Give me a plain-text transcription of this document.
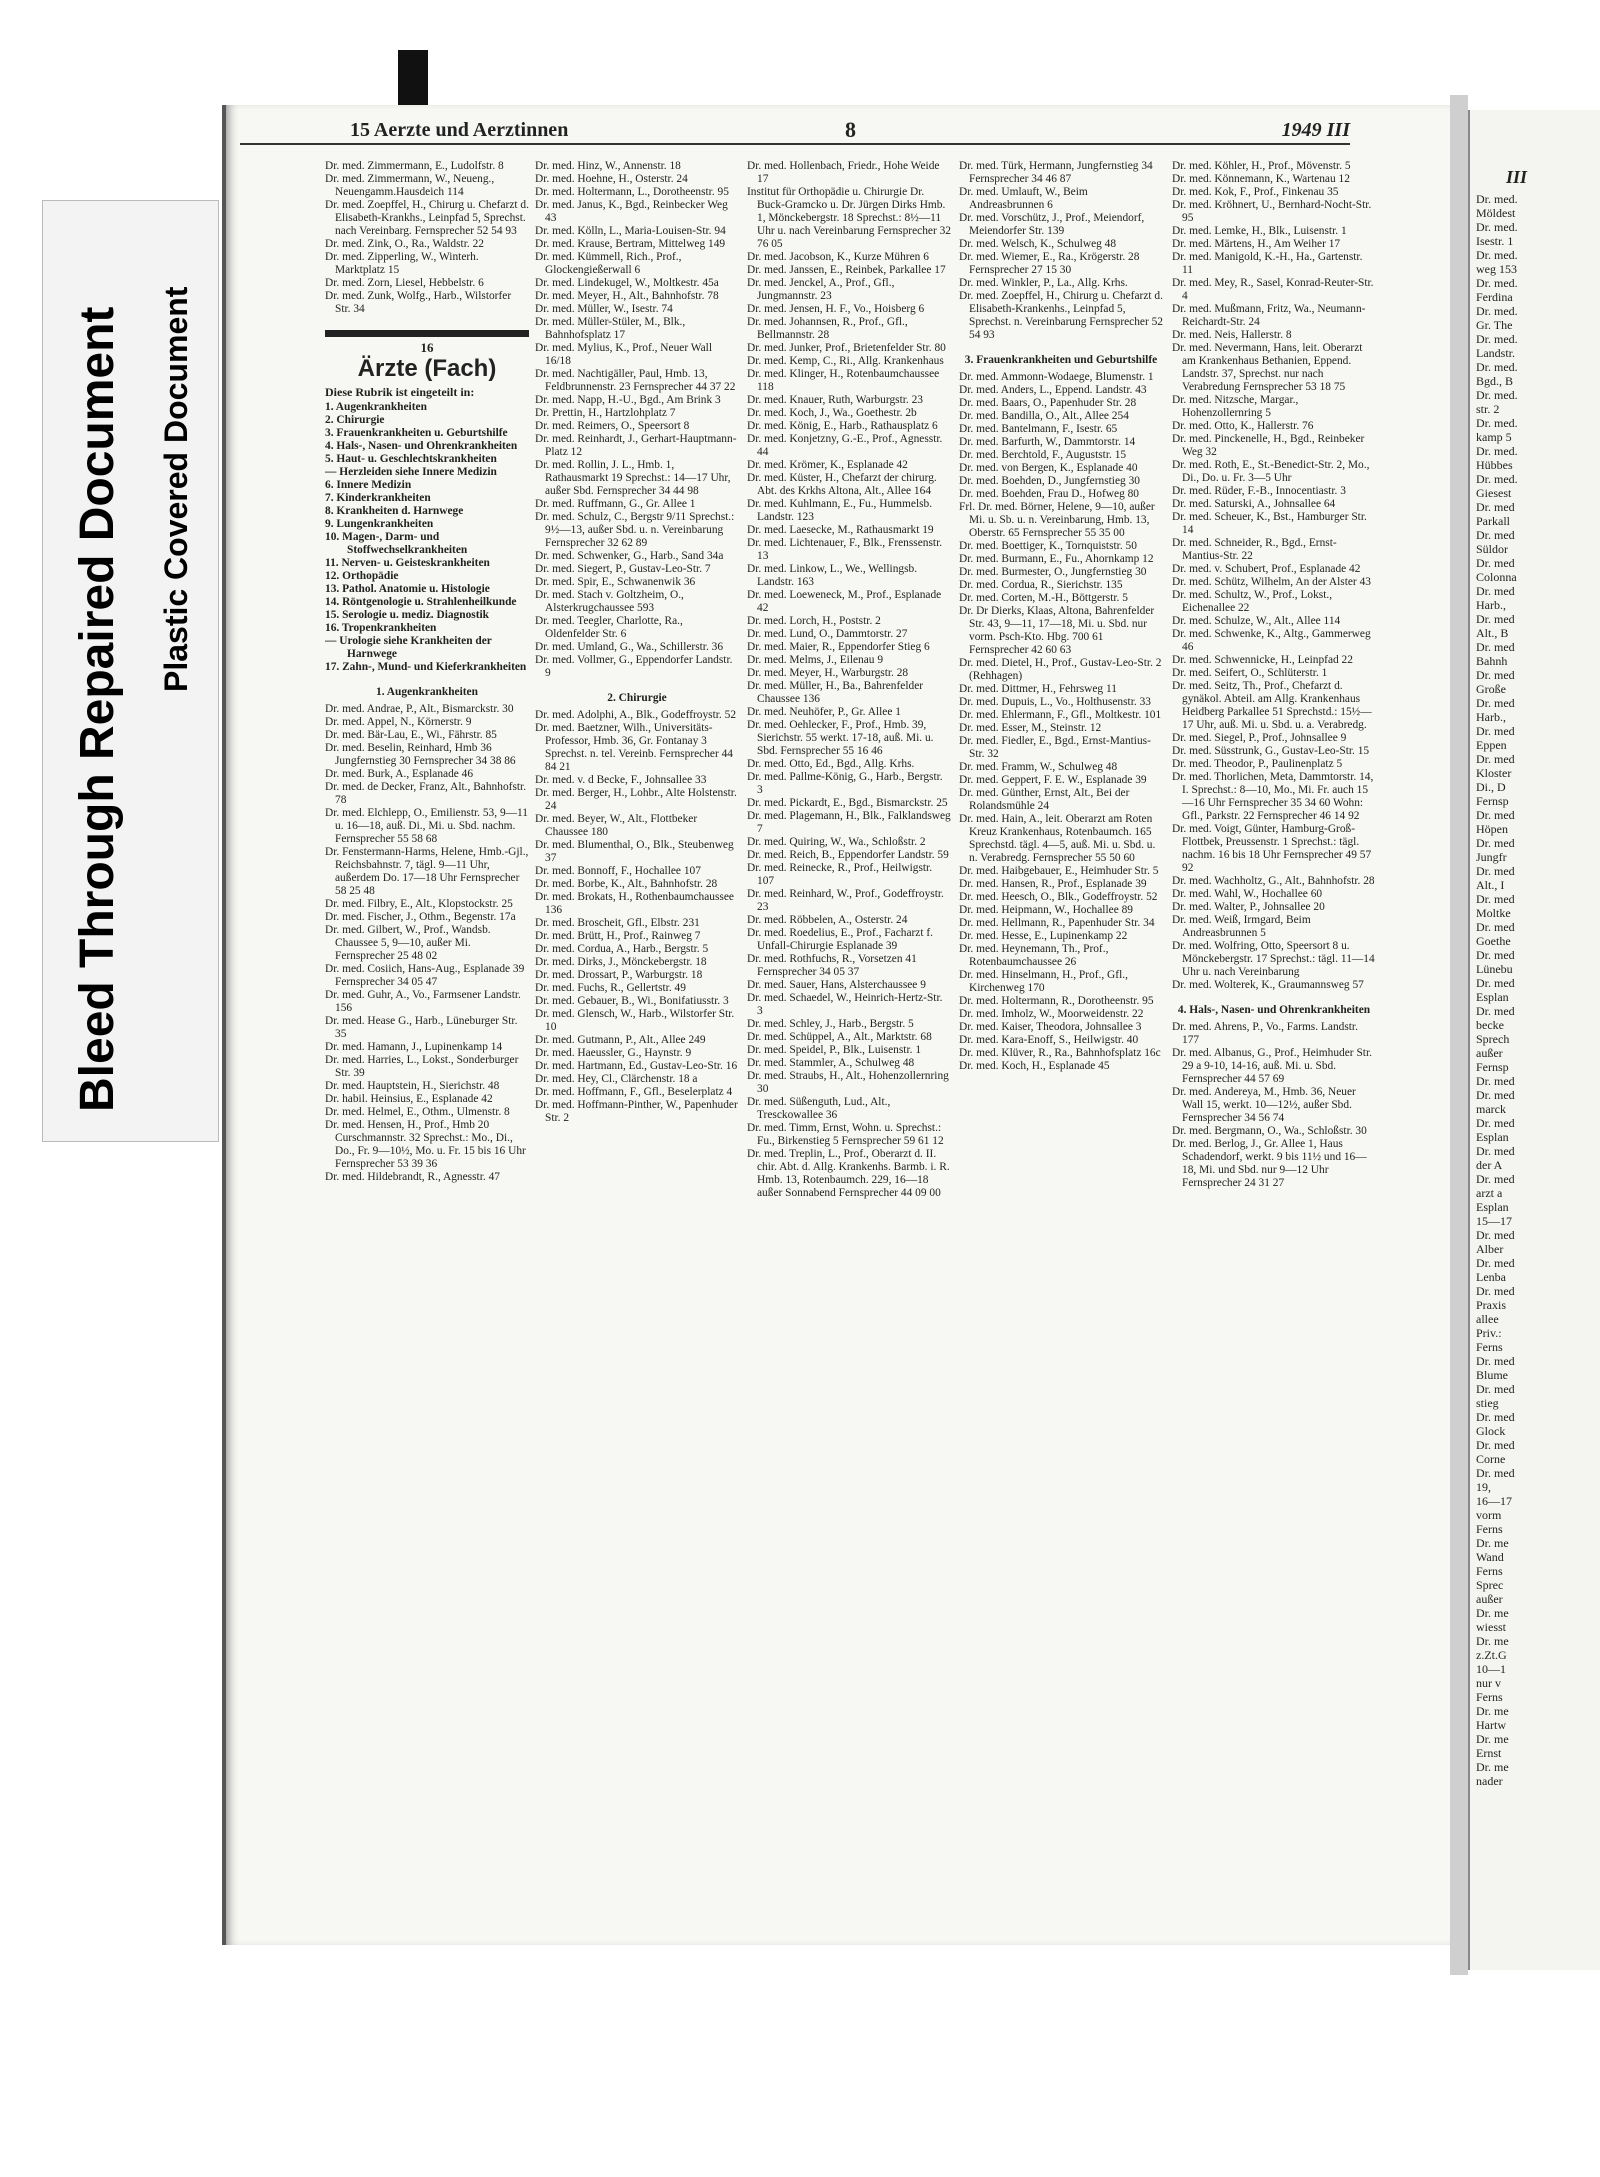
Bleed Through Repaired Document Plastic Covered Document
III
Dr. med.
Möldest
Dr. med.
Isestr. 1
Dr. med.
weg 153
Dr. med.
Ferdina
Dr. med.
Gr. The
Dr. med.
Landstr.
Dr. med.
Bgd., B
Dr. med.
str. 2
Dr. med.
kamp 5
Dr. med.
Hübbes
Dr. med.
Giesest
Dr. med
Parkall
Dr. med
Süldor
Dr. med
Colonna
Dr. med
Harb.,
Dr. med
Alt., B
Dr. med
Bahnh
Dr. med
Große
Dr. med
Harb.,
Dr. med
Eppen
Dr. med
Kloster
Di., D
Fernsp
Dr. med
Höpen
Dr. med
Jungfr
Dr. med
Alt., I
Dr. med
Moltke
Dr. med
Goethe
Dr. med
Lünebu
Dr. med
Esplan
Dr. med
becke
Sprech
außer
Fernsp
Dr. med
Dr. med
marck
Dr. med
Esplan
Dr. med
der A
Dr. med
arzt a
Esplan
15—17
Dr. med
Alber
Dr. med
Lenba
Dr. med
Praxis
allee
Priv.:
Ferns
Dr. med
Blume
Dr. med
stieg
Dr. med
Glock
Dr. med
Corne
Dr. med
19,
16—17
vorm
Ferns
Dr. me
Wand
Ferns
Sprec
außer
Dr. me
wiesst
Dr. me
z.Zt.G
10—1
nur v
Ferns
Dr. me
Hartw
Dr. me
Ernst
Dr. me
nader
15 Aerzte und Aerztinnen	8	1949 III

Dr. med. Zimmermann, E., Ludolfstr. 8

Dr. med. Zimmermann, W., Neueng., Neuengamm.Hausdeich 114

Dr. med. Zoepffel, H., Chirurg u. Chefarzt d. Elisabeth-Krankhs., Leinpfad 5, Sprechst. nach Vereinbarg. Fernsprecher 52 54 93

Dr. med. Zink, O., Ra., Waldstr. 22

Dr. med. Zipperling, W., Winterh. Marktplatz 15

Dr. med. Zorn, Liesel, Hebbelstr. 6

Dr. med. Zunk, Wolfg., Harb., Wilstorfer Str. 34

16
Ärzte (Fach)
Diese Rubrik ist eingeteilt in:

1. Augenkrankheiten

2. Chirurgie

3. Frauenkrankheiten u. Geburtshilfe

4. Hals-, Nasen- und Ohrenkrankheiten

5. Haut- u. Geschlechtskrankheiten

— Herzleiden siehe Innere Medizin

6. Innere Medizin

7. Kinderkrankheiten

8. Krankheiten d. Harnwege

9. Lungenkrankheiten

10. Magen-, Darm- und Stoffwechselkrankheiten

11. Nerven- u. Geisteskrankheiten

12. Orthopädie

13. Pathol. Anatomie u. Histologie

14. Röntgenologie u. Strahlenheilkunde

15. Serologie u. mediz. Diagnostik

16. Tropenkrankheiten

— Urologie siehe Krankheiten der Harnwege

17. Zahn-, Mund- und Kieferkrankheiten

1. Augenkrankheiten

Dr. med. Andrae, P., Alt., Bismarckstr. 30

Dr. med. Appel, N., Körnerstr. 9

Dr. med. Bär-Lau, E., Wi., Fährstr. 85

Dr. med. Beselin, Reinhard, Hmb 36 Jungfernstieg 30 Fernsprecher 34 38 86

Dr. med. Burk, A., Esplanade 46

Dr. med. de Decker, Franz, Alt., Bahnhofstr. 78

Dr. med. Elchlepp, O., Emilienstr. 53, 9—11 u. 16—18, auß. Di., Mi. u. Sbd. nachm. Fernsprecher 55 58 68

Dr. Fenstermann-Harms, Helene, Hmb.-Gjl., Reichsbahnstr. 7, tägl. 9—11 Uhr, außerdem Do. 17—18 Uhr Fernsprecher 58 25 48

Dr. med. Filbry, E., Alt., Klopstockstr. 25

Dr. med. Fischer, J., Othm., Begenstr. 17a

Dr. med. Gilbert, W., Prof., Wandsb. Chaussee 5, 9—10, außer Mi. Fernsprecher 25 48 02

Dr. med. Cosiich, Hans-Aug., Esplanade 39 Fernsprecher 34 05 47

Dr. med. Guhr, A., Vo., Farmsener Landstr. 156

Dr. med. Hease G., Harb., Lüneburger Str. 35

Dr. med. Hamann, J., Lupinenkamp 14

Dr. med. Harries, L., Lokst., Sonderburger Str. 39

Dr. med. Hauptstein, H., Sierichstr. 48

Dr. habil. Heinsius, E., Esplanade 42

Dr. med. Helmel, E., Othm., Ulmenstr. 8

Dr. med. Hensen, H., Prof., Hmb 20 Curschmannstr. 32 Sprechst.: Mo., Di., Do., Fr. 9—10½, Mo. u. Fr. 15 bis 16 Uhr Fernsprecher 53 39 36

Dr. med. Hildebrandt, R., Agnesstr. 47

Dr. med. Hinz, W., Annenstr. 18

Dr. med. Hoehne, H., Osterstr. 24

Dr. med. Holtermann, L., Dorotheenstr. 95

Dr. med. Janus, K., Bgd., Reinbecker Weg 43

Dr. med. Kölln, L., Maria-Louisen-Str. 94

Dr. med. Krause, Bertram, Mittelweg 149

Dr. med. Kümmell, Rich., Prof., Glockengießerwall 6

Dr. med. Lindekugel, W., Moltkestr. 45a

Dr. med. Meyer, H., Alt., Bahnhofstr. 78

Dr. med. Müller, W., Isestr. 74

Dr. med. Müller-Stüler, M., Blk., Bahnhofsplatz 17

Dr. med. Mylius, K., Prof., Neuer Wall 16/18

Dr. med. Nachtigäller, Paul, Hmb. 13, Feldbrunnenstr. 23 Fernsprecher 44 37 22

Dr. med. Napp, H.-U., Bgd., Am Brink 3

Dr. Prettin, H., Hartzlohplatz 7

Dr. med. Reimers, O., Speersort 8

Dr. med. Reinhardt, J., Gerhart-Hauptmann-Platz 12

Dr. med. Rollin, J. L., Hmb. 1, Rathausmarkt 19 Sprechst.: 14—17 Uhr, außer Sbd. Fernsprecher 34 44 98

Dr. med. Ruffmann, G., Gr. Allee 1

Dr. med. Schulz, C., Bergstr 9/11 Sprechst.: 9½—13, außer Sbd. u. n. Vereinbarung Fernsprecher 32 62 89

Dr. med. Schwenker, G., Harb., Sand 34a

Dr. med. Siegert, P., Gustav-Leo-Str. 7

Dr. med. Spir, E., Schwanenwik 36

Dr. med. Stach v. Goltzheim, O., Alsterkrugchaussee 593

Dr. med. Teegler, Charlotte, Ra., Oldenfelder Str. 6

Dr. med. Umland, G., Wa., Schillerstr. 36

Dr. med. Vollmer, G., Eppendorfer Landstr. 9

2. Chirurgie

Dr. med. Adolphi, A., Blk., Godeffroystr. 52

Dr. med. Baetzner, Wilh., Universitäts-Professor, Hmb. 36, Gr. Fontanay 3 Sprechst. n. tel. Vereinb. Fernsprecher 44 84 21

Dr. med. v. d Becke, F., Johnsallee 33

Dr. med. Berger, H., Lohbr., Alte Holstenstr. 24

Dr. med. Beyer, W., Alt., Flottbeker Chaussee 180

Dr. med. Blumenthal, O., Blk., Steubenweg 37

Dr. med. Bonnoff, F., Hochallee 107

Dr. med. Borbe, K., Alt., Bahnhofstr. 28

Dr. med. Brokats, H., Rothenbaumchaussee 136

Dr. med. Broscheit, Gfl., Elbstr. 231

Dr. med. Brütt, H., Prof., Rainweg 7

Dr. med. Cordua, A., Harb., Bergstr. 5

Dr. med. Dirks, J., Mönckebergstr. 18

Dr. med. Drossart, P., Warburgstr. 18

Dr. med. Fuchs, R., Gellertstr. 49

Dr. med. Gebauer, B., Wi., Bonifatiusstr. 3

Dr. med. Glensch, W., Harb., Wilstorfer Str. 10

Dr. med. Gutmann, P., Alt., Allee 249

Dr. med. Haeussler, G., Haynstr. 9

Dr. med. Hartmann, Ed., Gustav-Leo-Str. 16

Dr. med. Hey, Cl., Clärchenstr. 18 a

Dr. med. Hoffmann, F., Gfl., Beselerplatz 4

Dr. med. Hoffmann-Pinther, W., Papenhuder Str. 2

Dr. med. Hollenbach, Friedr., Hohe Weide 17

Institut für Orthopädie u. Chirurgie Dr. Buck-Gramcko u. Dr. Jürgen Dirks Hmb. 1, Mönckebergstr. 18 Sprechst.: 8½—11 Uhr u. nach Vereinbarung Fernsprecher 32 76 05

Dr. med. Jacobson, K., Kurze Mühren 6

Dr. med. Janssen, E., Reinbek, Parkallee 17

Dr. med. Jenckel, A., Prof., Gfl., Jungmannstr. 23

Dr. med. Jensen, H. F., Vo., Hoisberg 6

Dr. med. Johannsen, R., Prof., Gfl., Bellmannstr. 28

Dr. med. Junker, Prof., Brietenfelder Str. 80

Dr. med. Kemp, C., Ri., Allg. Krankenhaus

Dr. med. Klinger, H., Rotenbaumchaussee 118

Dr. med. Knauer, Ruth, Warburgstr. 23

Dr. med. Koch, J., Wa., Goethestr. 2b

Dr. med. König, E., Harb., Rathausplatz 6

Dr. med. Konjetzny, G.-E., Prof., Agnesstr. 44

Dr. med. Krömer, K., Esplanade 42

Dr. med. Küster, H., Chefarzt der chirurg. Abt. des Krkhs Altona, Alt., Allee 164

Dr. med. Kuhlmann, E., Fu., Hummelsb. Landstr. 123

Dr. med. Laesecke, M., Rathausmarkt 19

Dr. med. Lichtenauer, F., Blk., Frenssenstr. 13

Dr. med. Linkow, L., We., Wellingsb. Landstr. 163

Dr. med. Loeweneck, M., Prof., Esplanade 42

Dr. med. Lorch, H., Poststr. 2

Dr. med. Lund, O., Dammtorstr. 27

Dr. med. Maier, R., Eppendorfer Stieg 6

Dr. med. Melms, J., Eilenau 9

Dr. med. Meyer, H., Warburgstr. 28

Dr. med. Müller, H., Ba., Bahrenfelder Chaussee 136

Dr. med. Neuhöfer, P., Gr. Allee 1

Dr. med. Oehlecker, F., Prof., Hmb. 39, Sierichstr. 55 werkt. 17-18, auß. Mi. u. Sbd. Fernsprecher 55 16 46

Dr. med. Otto, Ed., Bgd., Allg. Krhs.

Dr. med. Pallme-König, G., Harb., Bergstr. 3

Dr. med. Pickardt, E., Bgd., Bismarckstr. 25

Dr. med. Plagemann, H., Blk., Falklandsweg 7

Dr. med. Quiring, W., Wa., Schloßstr. 2

Dr. med. Reich, B., Eppendorfer Landstr. 59

Dr. med. Reinecke, R., Prof., Heilwigstr. 107

Dr. med. Reinhard, W., Prof., Godeffroystr. 23

Dr. med. Röbbelen, A., Osterstr. 24

Dr. med. Roedelius, E., Prof., Facharzt f. Unfall-Chirurgie Esplanade 39

Dr. med. Rothfuchs, R., Vorsetzen 41 Fernsprecher 34 05 37

Dr. med. Sauer, Hans, Alsterchaussee 9

Dr. med. Schaedel, W., Heinrich-Hertz-Str. 3

Dr. med. Schley, J., Harb., Bergstr. 5

Dr. med. Schüppel, A., Alt., Marktstr. 68

Dr. med. Speidel, P., Blk., Luisenstr. 1

Dr. med. Stammler, A., Schulweg 48

Dr. med. Straubs, H., Alt., Hohenzollernring 30

Dr. med. Süßenguth, Lud., Alt., Tresckowallee 36

Dr. med. Timm, Ernst, Wohn. u. Sprechst.: Fu., Birkenstieg 5 Fernsprecher 59 61 12

Dr. med. Treplin, L., Prof., Oberarzt d. II. chir. Abt. d. Allg. Krankenhs. Barmb. i. R. Hmb. 13, Rotenbaumch. 229, 16—18 außer Sonnabend Fernsprecher 44 09 00

Dr. med. Türk, Hermann, Jungfernstieg 34 Fernsprecher 34 46 87

Dr. med. Umlauft, W., Beim Andreasbrunnen 6

Dr. med. Vorschütz, J., Prof., Meiendorf, Meiendorfer Str. 139

Dr. med. Welsch, K., Schulweg 48

Dr. med. Wiemer, E., Ra., Krögerstr. 28 Fernsprecher 27 15 30

Dr. med. Winkler, P., La., Allg. Krhs.

Dr. med. Zoepffel, H., Chirurg u. Chefarzt d. Elisabeth-Krankenhs., Leinpfad 5, Sprechst. n. Vereinbarung Fernsprecher 52 54 93

3. Frauenkrankheiten und Geburtshilfe

Dr. med. Ammonn-Wodaege, Blumenstr. 1

Dr. med. Anders, L., Eppend. Landstr. 43

Dr. med. Baars, O., Papenhuder Str. 28

Dr. med. Bandilla, O., Alt., Allee 254

Dr. med. Bantelmann, F., Isestr. 65

Dr. med. Barfurth, W., Dammtorstr. 14

Dr. med. Berchtold, F., Auguststr. 15

Dr. med. von Bergen, K., Esplanade 40

Dr. med. Boehden, D., Jungfernstieg 30

Dr. med. Boehden, Frau D., Hofweg 80

Frl. Dr. med. Börner, Helene, 9—10, außer Mi. u. Sb. u. n. Vereinbarung, Hmb. 13, Oberstr. 65 Fernsprecher 55 35 00

Dr. med. Boettiger, K., Tornquiststr. 50

Dr. med. Burmann, E., Fu., Ahornkamp 12

Dr. med. Burmester, O., Jungfernstieg 30

Dr. med. Cordua, R., Sierichstr. 135

Dr. med. Corten, M.-H., Böttgerstr. 5

Dr. Dr Dierks, Klaas, Altona, Bahrenfelder Str. 43, 9—11, 17—18, Mi. u. Sbd. nur vorm. Psch-Kto. Hbg. 700 61 Fernsprecher 42 60 63

Dr. med. Dietel, H., Prof., Gustav-Leo-Str. 2 (Rehhagen)

Dr. med. Dittmer, H., Fehrsweg 11

Dr. med. Dupuis, L., Vo., Holthusenstr. 33

Dr. med. Ehlermann, F., Gfl., Moltkestr. 101

Dr. med. Esser, M., Steinstr. 12

Dr. med. Fiedler, E., Bgd., Ernst-Mantius-Str. 32

Dr. med. Framm, W., Schulweg 48

Dr. med. Geppert, F. E. W., Esplanade 39

Dr. med. Günther, Ernst, Alt., Bei der Rolandsmühle 24

Dr. med. Hain, A., leit. Oberarzt am Roten Kreuz Krankenhaus, Rotenbaumch. 165 Sprechstd. tägl. 4—5, auß. Mi. u. Sbd. u. n. Verabredg. Fernsprecher 55 50 60

Dr. med. Haibgebauer, E., Heimhuder Str. 5

Dr. med. Hansen, R., Prof., Esplanade 39

Dr. med. Heesch, O., Blk., Godeffroystr. 52

Dr. med. Heipmann, W., Hochallee 89

Dr. med. Hellmann, R., Papenhuder Str. 34

Dr. med. Hesse, E., Lupinenkamp 22

Dr. med. Heynemann, Th., Prof., Rotenbaumchaussee 26

Dr. med. Hinselmann, H., Prof., Gfl., Kirchenweg 170

Dr. med. Holtermann, R., Dorotheenstr. 95

Dr. med. Imholz, W., Moorweidenstr. 22

Dr. med. Kaiser, Theodora, Johnsallee 3

Dr. med. Kara-Enoff, S., Heilwigstr. 40

Dr. med. Klüver, R., Ra., Bahnhofsplatz 16c

Dr. med. Koch, H., Esplanade 45

Dr. med. Köhler, H., Prof., Mövenstr. 5

Dr. med. Könnemann, K., Wartenau 12

Dr. med. Kok, F., Prof., Finkenau 35

Dr. med. Kröhnert, U., Bernhard-Nocht-Str. 95

Dr. med. Lemke, H., Blk., Luisenstr. 1

Dr. med. Märtens, H., Am Weiher 17

Dr. med. Manigold, K.-H., Ha., Gartenstr. 11

Dr. med. Mey, R., Sasel, Konrad-Reuter-Str. 4

Dr. med. Mußmann, Fritz, Wa., Neumann-Reichardt-Str. 24

Dr. med. Neis, Hallerstr. 8

Dr. med. Nevermann, Hans, leit. Oberarzt am Krankenhaus Bethanien, Eppend. Landstr. 37, Sprechst. nur nach Verabredung Fernsprecher 53 18 75

Dr. med. Nitzsche, Margar., Hohenzollernring 5

Dr. med. Otto, K., Hallerstr. 76

Dr. med. Pinckenelle, H., Bgd., Reinbeker Weg 32

Dr. med. Roth, E., St.-Benedict-Str. 2, Mo., Di., Do. u. Fr. 3—5 Uhr

Dr. med. Rüder, F.-B., Innocentiastr. 3

Dr. med. Saturski, A., Johnsallee 64

Dr. med. Scheuer, K., Bst., Hamburger Str. 14

Dr. med. Schneider, R., Bgd., Ernst-Mantius-Str. 22

Dr. med. v. Schubert, Prof., Esplanade 42

Dr. med. Schütz, Wilhelm, An der Alster 43

Dr. med. Schultz, W., Prof., Lokst., Eichenallee 22

Dr. med. Schulze, W., Alt., Allee 114

Dr. med. Schwenke, K., Altg., Gammerweg 46

Dr. med. Schwennicke, H., Leinpfad 22

Dr. med. Seifert, O., Schlüterstr. 1

Dr. med. Seitz, Th., Prof., Chefarzt d. gynäkol. Abteil. am Allg. Krankenhaus Heidberg Parkallee 51 Sprechstd.: 15½—17 Uhr, auß. Mi. u. Sbd. u. a. Verabredg.

Dr. med. Siegel, P., Prof., Johnsallee 9

Dr. med. Süsstrunk, G., Gustav-Leo-Str. 15

Dr. med. Theodor, P., Paulinenplatz 5

Dr. med. Thorlichen, Meta, Dammtorstr. 14, I. Sprechst.: 8—10, Mo., Mi. Fr. auch 15—16 Uhr Fernsprecher 35 34 60 Wohn: Gfl., Parkstr. 22 Fernsprecher 46 14 92

Dr. med. Voigt, Günter, Hamburg-Groß-Flottbek, Preussenstr. 1 Sprechst.: tägl. nachm. 16 bis 18 Uhr Fernsprecher 49 57 92

Dr. med. Wachholtz, G., Alt., Bahnhofstr. 28

Dr. med. Wahl, W., Hochallee 60

Dr. med. Walter, P., Johnsallee 20

Dr. med. Weiß, Irmgard, Beim Andreasbrunnen 5

Dr. med. Wolfring, Otto, Speersort 8 u. Mönckebergstr. 17 Sprechst.: tägl. 11—14 Uhr u. nach Vereinbarung

Dr. med. Wolterek, K., Graumannsweg 57

4. Hals-, Nasen- und Ohrenkrankheiten

Dr. med. Ahrens, P., Vo., Farms. Landstr. 177

Dr. med. Albanus, G., Prof., Heimhuder Str. 29 a 9-10, 14-16, auß. Mi. u. Sbd. Fernsprecher 44 57 69

Dr. med. Andereya, M., Hmb. 36, Neuer Wall 15, werkt. 10—12½, außer Sbd. Fernsprecher 34 56 74

Dr. med. Bergmann, O., Wa., Schloßstr. 30

Dr. med. Berlog, J., Gr. Allee 1, Haus Schadendorf, werkt. 9 bis 11½ und 16—18, Mi. und Sbd. nur 9—12 Uhr Fernsprecher 24 31 27
